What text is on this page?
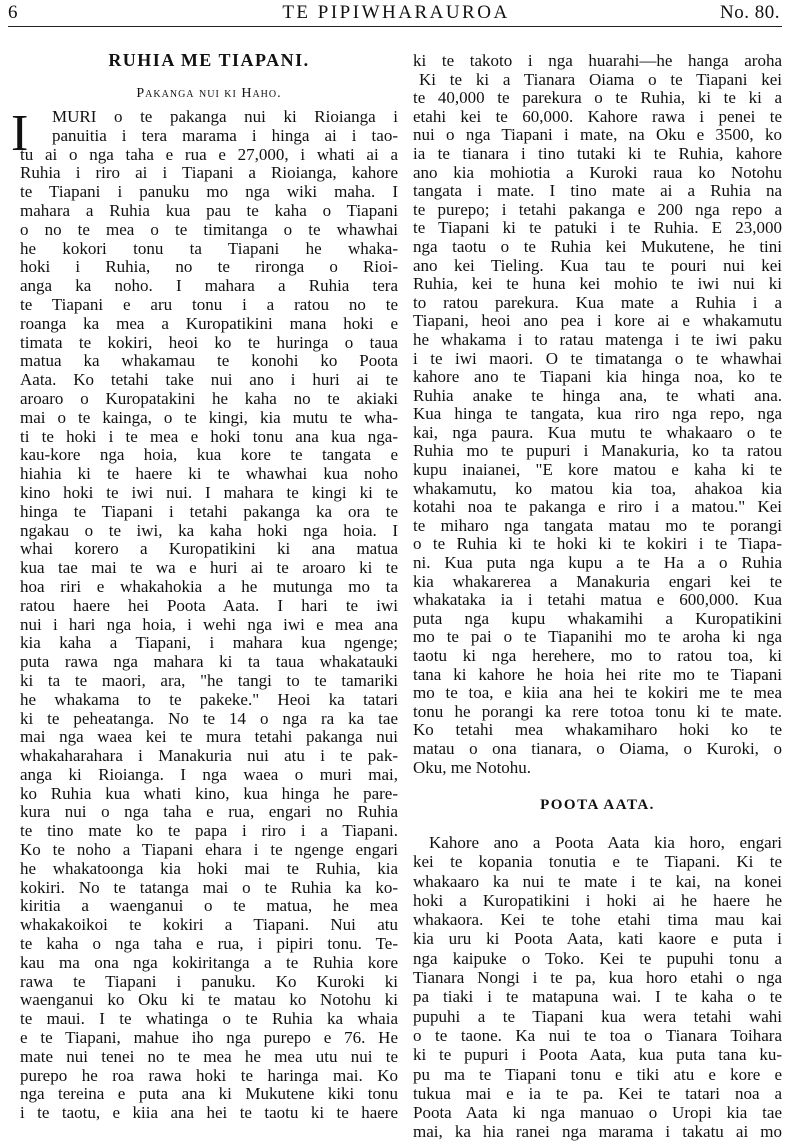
6	TE PIPIWHARAUROA	No. 80.
RUHIA ME TIAPANI.
Pakanga nui ki Haho.
I MURI o te pakanga nui ki Rioianga i
panuitia i tera marama i hinga ai i tao-
tu ai o nga taha e rua e 27,000, i whati ai a
Ruhia i riro ai i Tiapani a Rioianga, kahore
te Tiapani i panuku mo nga wiki maha. I
mahara a Ruhia kua pau te kaha o Tiapani
o no te mea o te timitanga o te whawhai
he kokori tonu ta Tiapani he whaka-
hoki i Ruhia, no te rironga o Rioi-
anga ka noho. I mahara a Ruhia tera
te Tiapani e aru tonu i a ratou no te
roanga ka mea a Kuropatikini mana hoki e
timata te kokiri, heoi ko te huringa o taua
matua ka whakamau te konohi ko Poota
Aata. Ko tetahi take nui ano i huri ai te
aroaro o Kuropatakini he kaha no te akiaki
mai o te kainga, o te kingi, kia mutu te wha-
ti te hoki i te mea e hoki tonu ana kua nga-
kau-kore nga hoia, kua kore te tangata e
hiahia ki te haere ki te whawhai kua noho
kino hoki te iwi nui. I mahara te kingi ki te
hinga te Tiapani i tetahi pakanga ka ora te
ngakau o te iwi, ka kaha hoki nga hoia. I
whai korero a Kuropatikini ki ana matua
kua tae mai te wa e huri ai te aroaro ki te
hoa riri e whakahokia a he mutunga mo ta
ratou haere hei Poota Aata. I hari te iwi
nui i hari nga hoia, i wehi nga iwi e mea ana
kia kaha a Tiapani, i mahara kua ngenge;
puta rawa nga mahara ki ta taua whakatauki
ki ta te maori, ara, "he tangi to te tamariki
he whakama to te pakeke." Heoi ka tatari
ki te peheatanga. No te 14 o nga ra ka tae
mai nga waea kei te mura tetahi pakanga nui
whakaharahara i Manakuria nui atu i te pak-
anga ki Rioianga. I nga waea o muri mai,
ko Ruhia kua whati kino, kua hinga he pare-
kura nui o nga taha e rua, engari no Ruhia
te tino mate ko te papa i riro i a Tiapani.
Ko te noho a Tiapani ehara i te ngenge engari
he whakatoonga kia hoki mai te Ruhia, kia
kokiri. No te tatanga mai o te Ruhia ka ko-
kiritia a waenganui o te matua, he mea
whakakoikoi te kokiri a Tiapani. Nui atu
te kaha o nga taha e rua, i pipiri tonu. Te-
kau ma ona nga kokiritanga a te Ruhia kore
rawa te Tiapani i panuku. Ko Kuroki ki
waenganui ko Oku ki te matau ko Notohu ki
te maui. I te whatinga o te Ruhia ka whaia
e te Tiapani, mahue iho nga purepo e 76. He
mate nui tenei no te mea he mea utu nui te
purepo he roa rawa hoki te haringa mai. Ko
nga tereina e puta ana ki Mukutene kiki tonu
i te taotu, e kiia ana hei te taotu ki te haere
ki te takoto i nga huarahi—he hanga aroha
Ki te ki a Tianara Oiama o te Tiapani kei
te 40,000 te parekura o te Ruhia, ki te ki a
etahi kei te 60,000. Kahore rawa i penei te
nui o nga Tiapani i mate, na Oku e 3500, ko
ia te tianara i tino tutaki ki te Ruhia, kahore
ano kia mohiotia a Kuroki raua ko Notohu
tangata i mate. I tino mate ai a Ruhia na
te purepo; i tetahi pakanga e 200 nga repo a
te Tiapani ki te patuki i te Ruhia. E 23,000
nga taotu o te Ruhia kei Mukutene, he tini
ano kei Tieling. Kua tau te pouri nui kei
Ruhia, kei te huna kei mohio te iwi nui ki
to ratou parekura. Kua mate a Ruhia i a
Tiapani, heoi ano pea i kore ai e whakamutu
he whakama i to ratau matenga i te iwi paku
i te iwi maori. O te timatanga o te whawhai
kahore ano te Tiapani kia hinga noa, ko te
Ruhia anake te hinga ana, te whati ana.
Kua hinga te tangata, kua riro nga repo, nga
kai, nga paura. Kua mutu te whakaaro o te
Ruhia mo te pupuri i Manakuria, ko ta ratou
kupu inaianei, "E kore matou e kaha ki te
whakamutu, ko matou kia toa, ahakoa kia
kotahi noa te pakanga e riro i a matou." Kei
te miharo nga tangata matau mo te porangi
o te Ruhia ki te hoki ki te kokiri i te Tiapa-
ni. Kua puta nga kupu a te Ha a o Ruhia
kia whakarerea a Manakuria engari kei te
whakataka ia i tetahi matua e 600,000. Kua
puta nga kupu whakamihi a Kuropatikini
mo te pai o te Tiapanihi mo te aroha ki nga
taotu ki nga herehere, mo to ratou toa, ki
tana ki kahore he hoia hei rite mo te Tiapani
mo te toa, e kiia ana hei te kokiri me te mea
tonu he porangi ka rere totoa tonu ki te mate.
Ko tetahi mea whakamiharo hoki ko te
matau o ona tianara, o Oiama, o Kuroki, o
Oku, me Notohu.
POOTA AATA.
Kahore ano a Poota Aata kia horo, engari
kei te kopania tonutia e te Tiapani. Ki te
whakaaro ka nui te mate i te kai, na konei
hoki a Kuropatikini i hoki ai he haere he
whakaora. Kei te tohe etahi tima mau kai
kia uru ki Poota Aata, kati kaore e puta i
nga kaipuke o Toko. Kei te pupuhi tonu a
Tianara Nongi i te pa, kua horo etahi o nga
pa tiaki i te matapuna wai. I te kaha o te
pupuhi a te Tiapani kua wera tetahi wahi
o te taone. Ka nui te toa o Tianara Toihara
ki te pupuri i Poota Aata, kua puta tana ku-
pu ma te Tiapani tonu e tiki atu e kore e
tukua mai e ia te pa. Kei te tatari noa a
Poota Aata ki nga manuao o Uropi kia tae
mai, ka hia ranei nga marama i takatu ai mo
